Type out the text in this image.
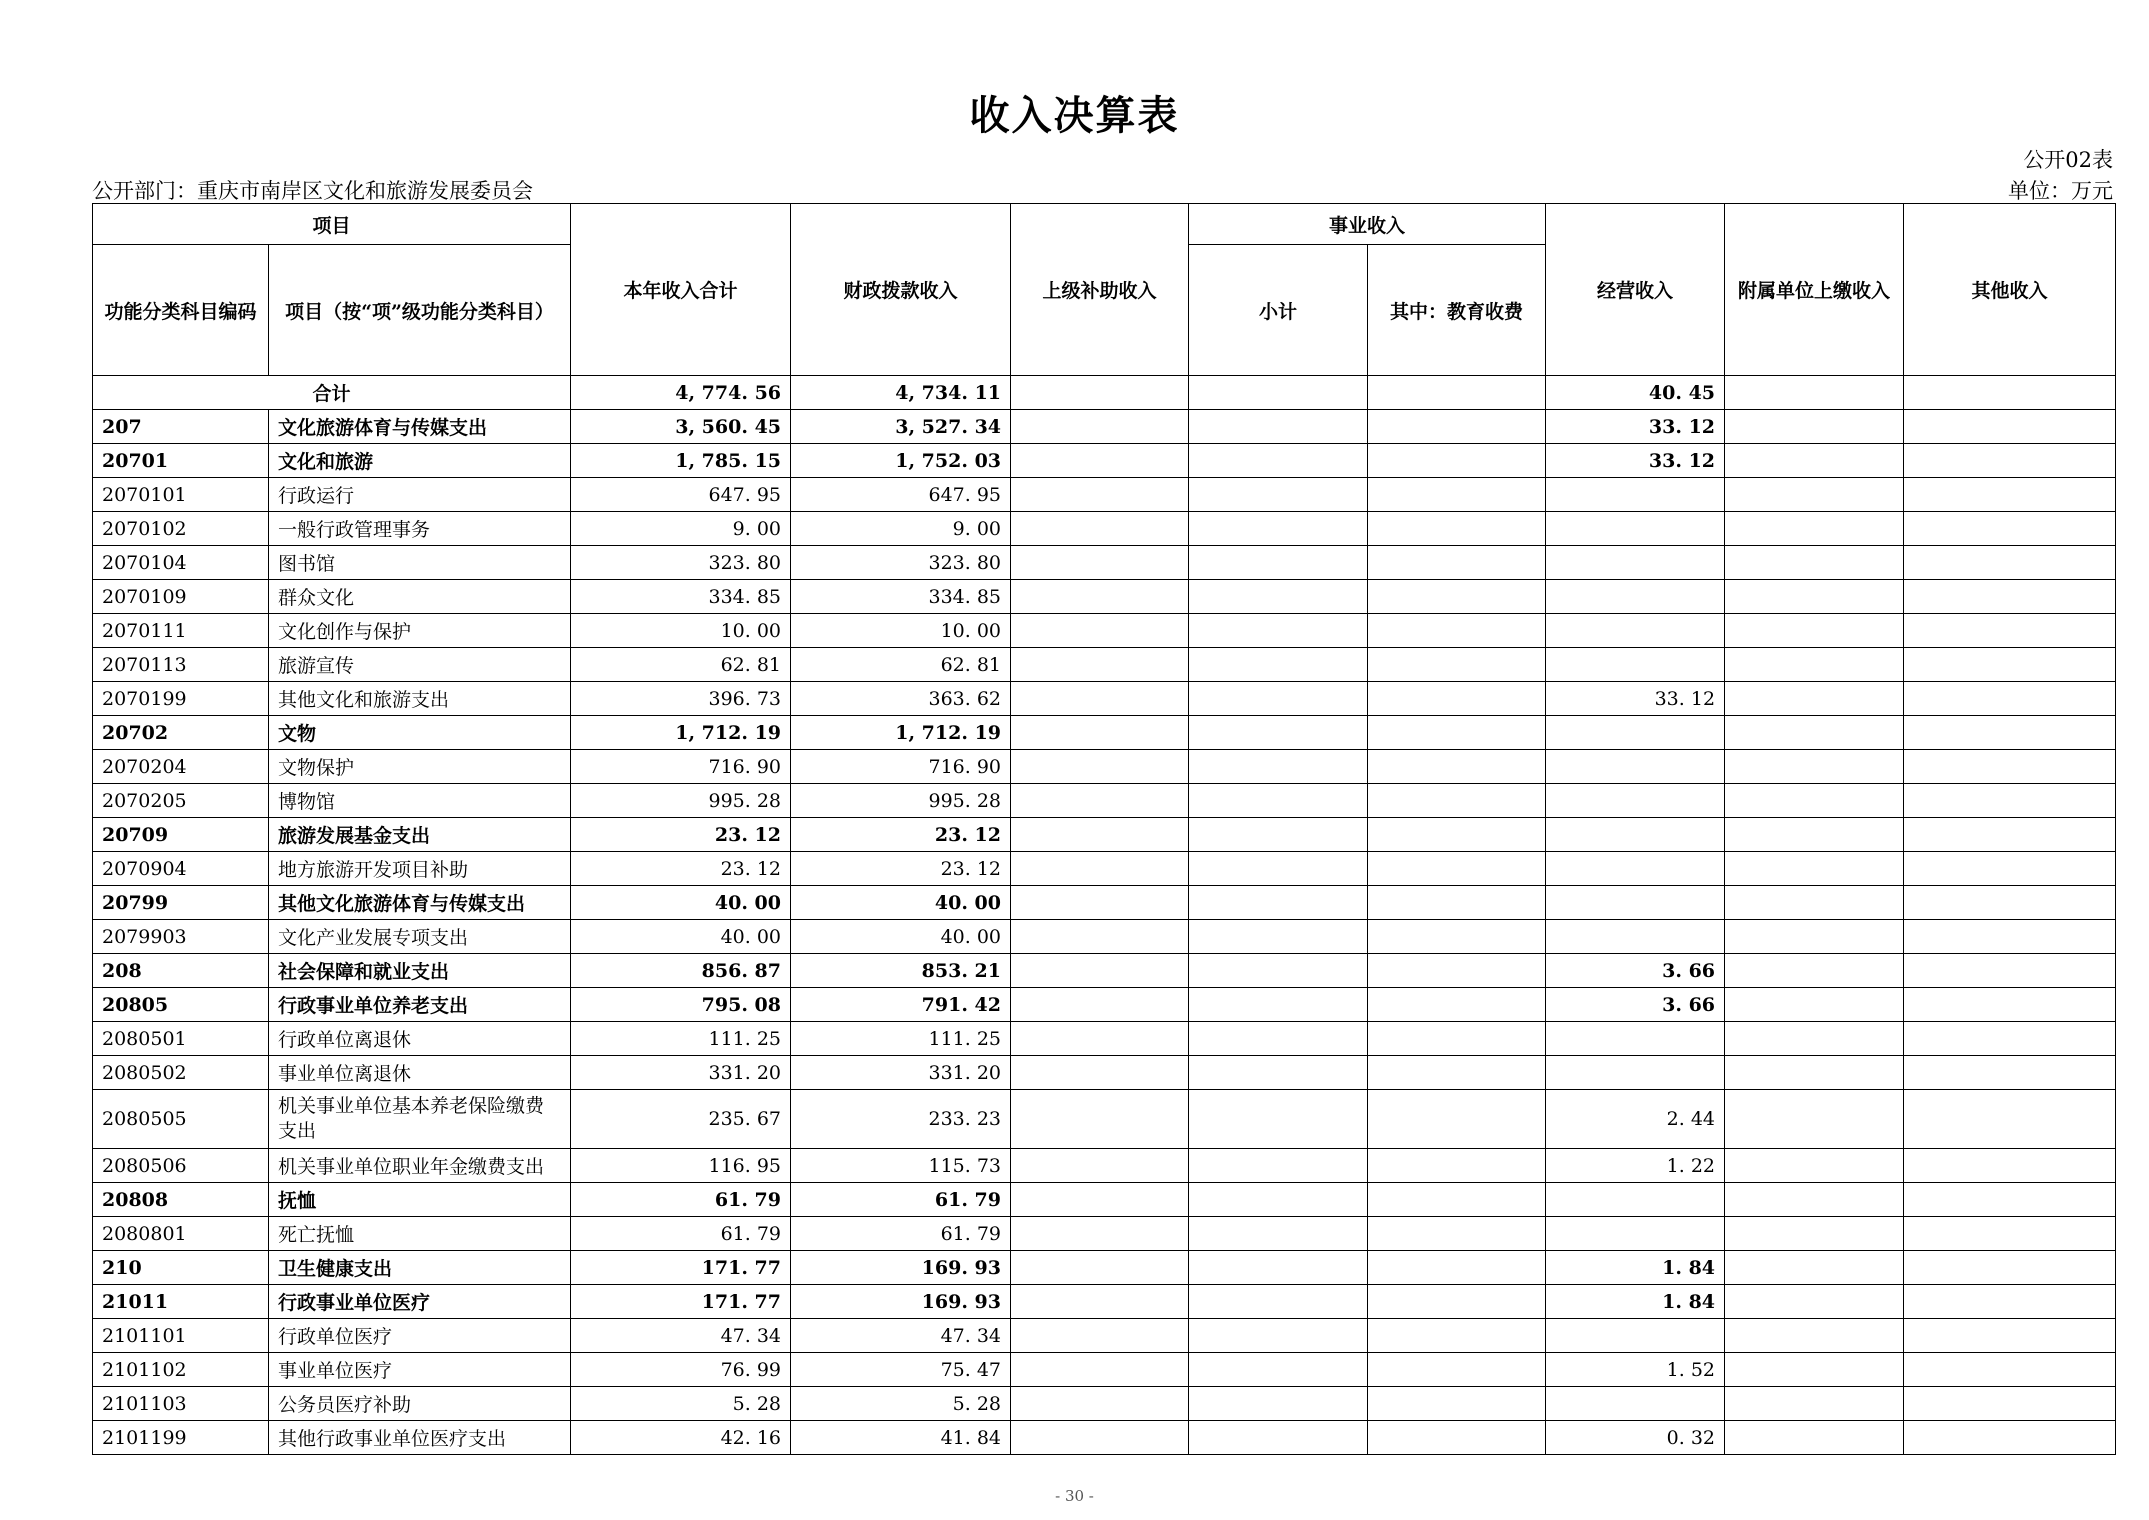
收入决算表
公开02表
公开部门：重庆市南岸区文化和旅游发展委员会	单位：万元
项目		本年收入合计	财政拨款收入	上级补助收入	事业收入		经营收入	附属单位上缴收入	其他收入
功能分类科目编码	项目（按“项”级功能分类科目）				小计	其中：教育收费			
合计		4, 774. 56	4, 734. 11				40. 45		
207	文化旅游体育与传媒支出	3, 560. 45	3, 527. 34				33. 12		
20701	文化和旅游	1, 785. 15	1, 752. 03				33. 12		
2070101	行政运行	647. 95	647. 95						
2070102	一般行政管理事务	9. 00	9. 00						
2070104	图书馆	323. 80	323. 80						
2070109	群众文化	334. 85	334. 85						
2070111	文化创作与保护	10. 00	10. 00						
2070113	旅游宣传	62. 81	62. 81						
2070199	其他文化和旅游支出	396. 73	363. 62				33. 12		
20702	文物	1, 712. 19	1, 712. 19						
2070204	文物保护	716. 90	716. 90						
2070205	博物馆	995. 28	995. 28						
20709	旅游发展基金支出	23. 12	23. 12						
2070904	地方旅游开发项目补助	23. 12	23. 12						
20799	其他文化旅游体育与传媒支出	40. 00	40. 00						
2079903	文化产业发展专项支出	40. 00	40. 00						
208	社会保障和就业支出	856. 87	853. 21				3. 66		
20805	行政事业单位养老支出	795. 08	791. 42				3. 66		
2080501	行政单位离退休	111. 25	111. 25						
2080502	事业单位离退休	331. 20	331. 20						
2080505	机关事业单位基本养老保险缴费支出	235. 67	233. 23				2. 44		
2080506	机关事业单位职业年金缴费支出	116. 95	115. 73				1. 22		
20808	抚恤	61. 79	61. 79						
2080801	死亡抚恤	61. 79	61. 79						
210	卫生健康支出	171. 77	169. 93				1. 84		
21011	行政事业单位医疗	171. 77	169. 93				1. 84		
2101101	行政单位医疗	47. 34	47. 34						
2101102	事业单位医疗	76. 99	75. 47				1. 52		
2101103	公务员医疗补助	5. 28	5. 28						
2101199	其他行政事业单位医疗支出	42. 16	41. 84				0. 32		
- 30 -
